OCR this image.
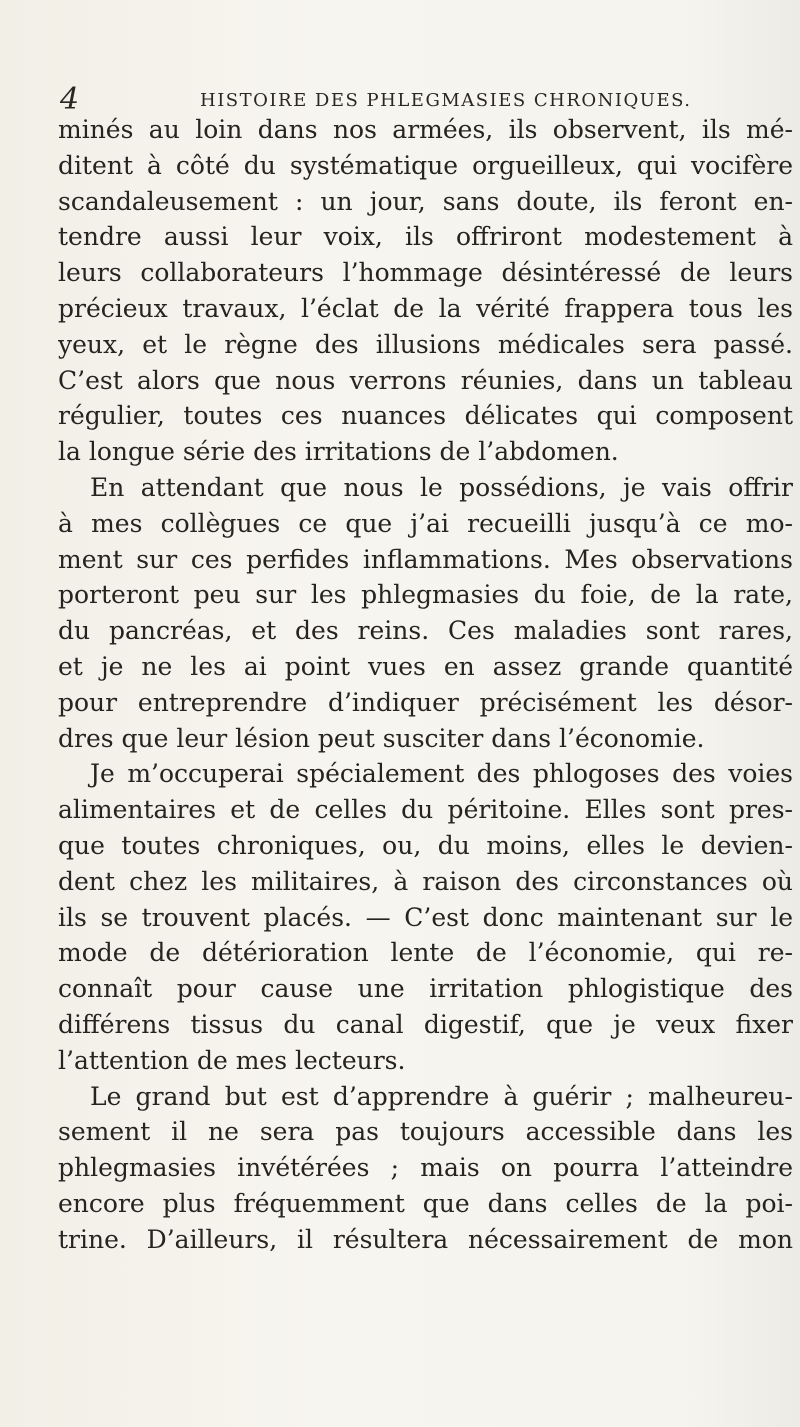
4	HISTOIRE DES PHLEGMASIES CHRONIQUES.
minés au loin dans nos armées, ils observent, ils mé-
ditent à côté du systématique orgueilleux, qui vocifère
scandaleusement : un jour, sans doute, ils feront en-
tendre aussi leur voix, ils offriront modestement à
leurs collaborateurs l’hommage désintéressé de leurs
précieux travaux, l’éclat de la vérité frappera tous les
yeux, et le règne des illusions médicales sera passé.
C’est alors que nous verrons réunies, dans un tableau
régulier, toutes ces nuances délicates qui composent
la longue série des irritations de l’abdomen.
En attendant que nous le possédions, je vais offrir
à mes collègues ce que j’ai recueilli jusqu’à ce mo-
ment sur ces perfides inflammations. Mes observations
porteront peu sur les phlegmasies du foie, de la rate,
du pancréas, et des reins. Ces maladies sont rares,
et je ne les ai point vues en assez grande quantité
pour entreprendre d’indiquer précisément les désor-
dres que leur lésion peut susciter dans l’économie.
Je m’occuperai spécialement des phlogoses des voies
alimentaires et de celles du péritoine. Elles sont pres-
que toutes chroniques, ou, du moins, elles le devien-
dent chez les militaires, à raison des circonstances où
ils se trouvent placés. — C’est donc maintenant sur le
mode de détérioration lente de l’économie, qui re-
connaît pour cause une irritation phlogistique des
différens tissus du canal digestif, que je veux fixer
l’attention de mes lecteurs.
Le grand but est d’apprendre à guérir ; malheureu-
sement il ne sera pas toujours accessible dans les
phlegmasies invétérées ; mais on pourra l’atteindre
encore plus fréquemment que dans celles de la poi-
trine. D’ailleurs, il résultera nécessairement de mon
